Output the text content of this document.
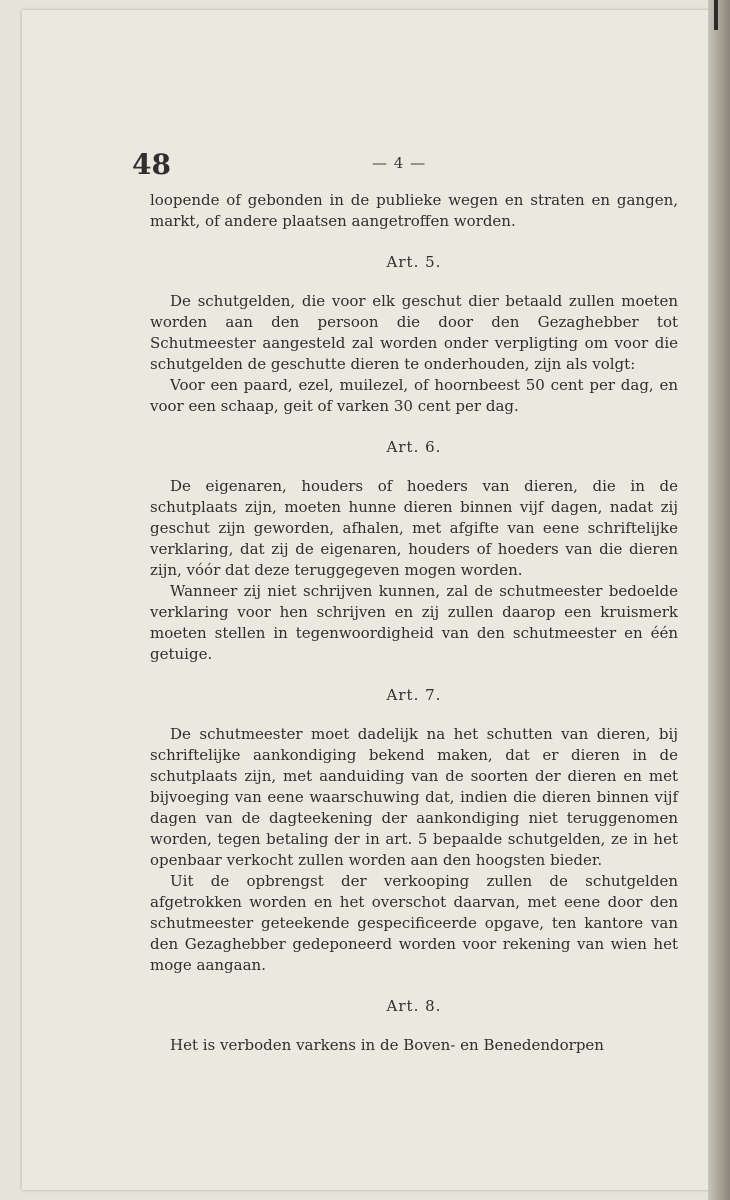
48	— 4 —

loopende of gebonden in de publieke wegen en straten en gangen, markt, of andere plaatsen aangetroffen worden.

Art. 5.

De schutgelden, die voor elk geschut dier betaald zullen moeten worden aan den persoon die door den Gezaghebber tot Schutmeester aangesteld zal worden onder verpligting om voor die schutgelden de geschutte dieren te onderhouden, zijn als volgt:

Voor een paard, ezel, muilezel, of hoornbeest 50 cent per dag, en voor een schaap, geit of varken 30 cent per dag.

Art. 6.

De eigenaren, houders of hoeders van dieren, die in de schutplaats zijn, moeten hunne dieren binnen vijf dagen, nadat zij geschut zijn geworden, afhalen, met afgifte van eene schriftelijke verklaring, dat zij de eigenaren, houders of hoeders van die dieren zijn, vóór dat deze teruggegeven mogen worden.

Wanneer zij niet schrijven kunnen, zal de schutmeester bedoelde verklaring voor hen schrijven en zij zullen daarop een kruismerk moeten stellen in tegenwoordigheid van den schutmeester en één getuige.

Art. 7.

De schutmeester moet dadelijk na het schutten van dieren, bij schriftelijke aankondiging bekend maken, dat er dieren in de schutplaats zijn, met aanduiding van de soorten der dieren en met bijvoeging van eene waarschuwing dat, indien die dieren binnen vijf dagen van de dagteekening der aankondiging niet teruggenomen worden, tegen betaling der in art. 5 bepaalde schutgelden, ze in het openbaar verkocht zullen worden aan den hoogsten bieder.

Uit de opbrengst der verkooping zullen de schutgelden afgetrokken worden en het overschot daarvan, met eene door den schutmeester geteekende gespecificeerde opgave, ten kantore van den Gezaghebber gedeponeerd worden voor rekening van wien het moge aangaan.

Art. 8.

Het is verboden varkens in de Boven- en Benedendorpen
